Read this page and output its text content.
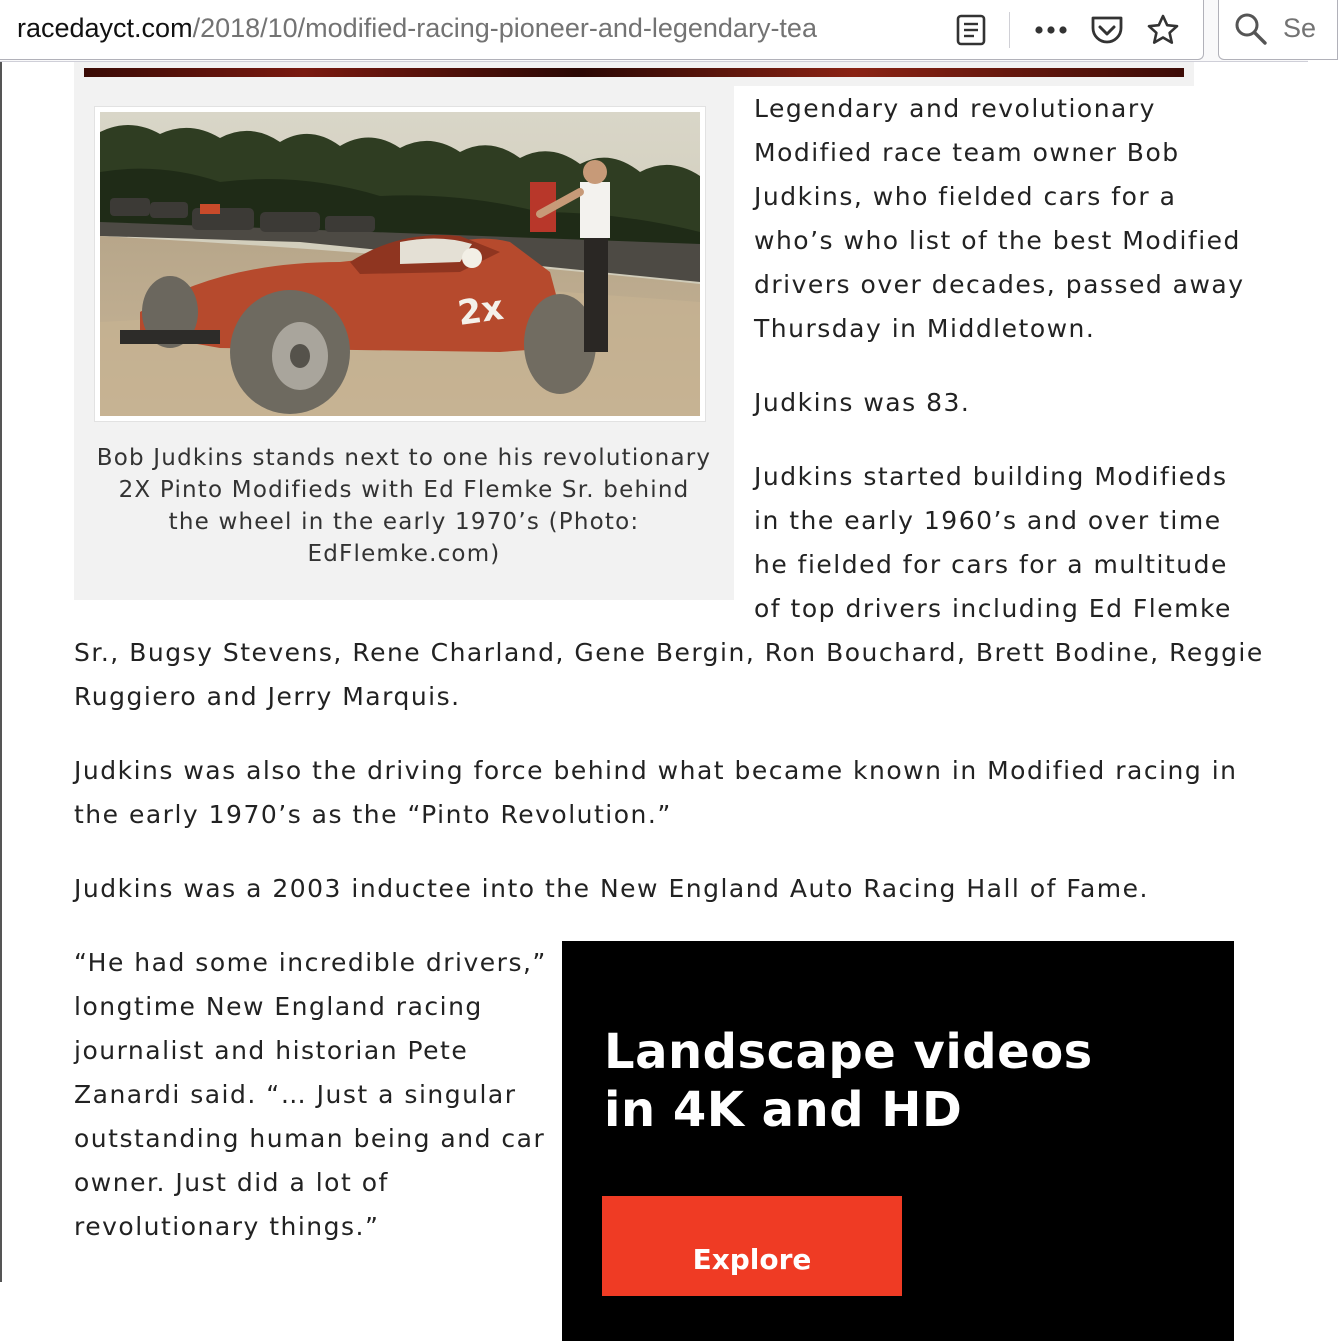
racedayct.com/2018/10/modified-racing-pioneer-and-legendary-tea	Se
2x
Bob Judkins stands next to one his revolutionary
2X Pinto Modifieds with Ed Flemke Sr. behind
the wheel in the early 1970’s (Photo:
EdFlemke.com)
Legendary and revolutionary
Modified race team owner Bob
Judkins, who fielded cars for a
who’s who list of the best Modified
drivers over decades, passed away
Thursday in Middletown.
Judkins was 83.
Judkins started building Modifieds
in the early 1960’s and over time
he fielded for cars for a multitude
of top drivers including Ed Flemke
Sr., Bugsy Stevens, Rene Charland, Gene Bergin, Ron Bouchard, Brett Bodine, Reggie
Ruggiero and Jerry Marquis.
Judkins was also the driving force behind what became known in Modified racing in
the early 1970’s as the “Pinto Revolution.”
Judkins was a 2003 inductee into the New England Auto Racing Hall of Fame.
“He had some incredible drivers,”
longtime New England racing
journalist and historian Pete
Zanardi said. “… Just a singular
outstanding human being and car
owner. Just did a lot of
revolutionary things.”
Landscape videos
in 4K and HD
Explore
